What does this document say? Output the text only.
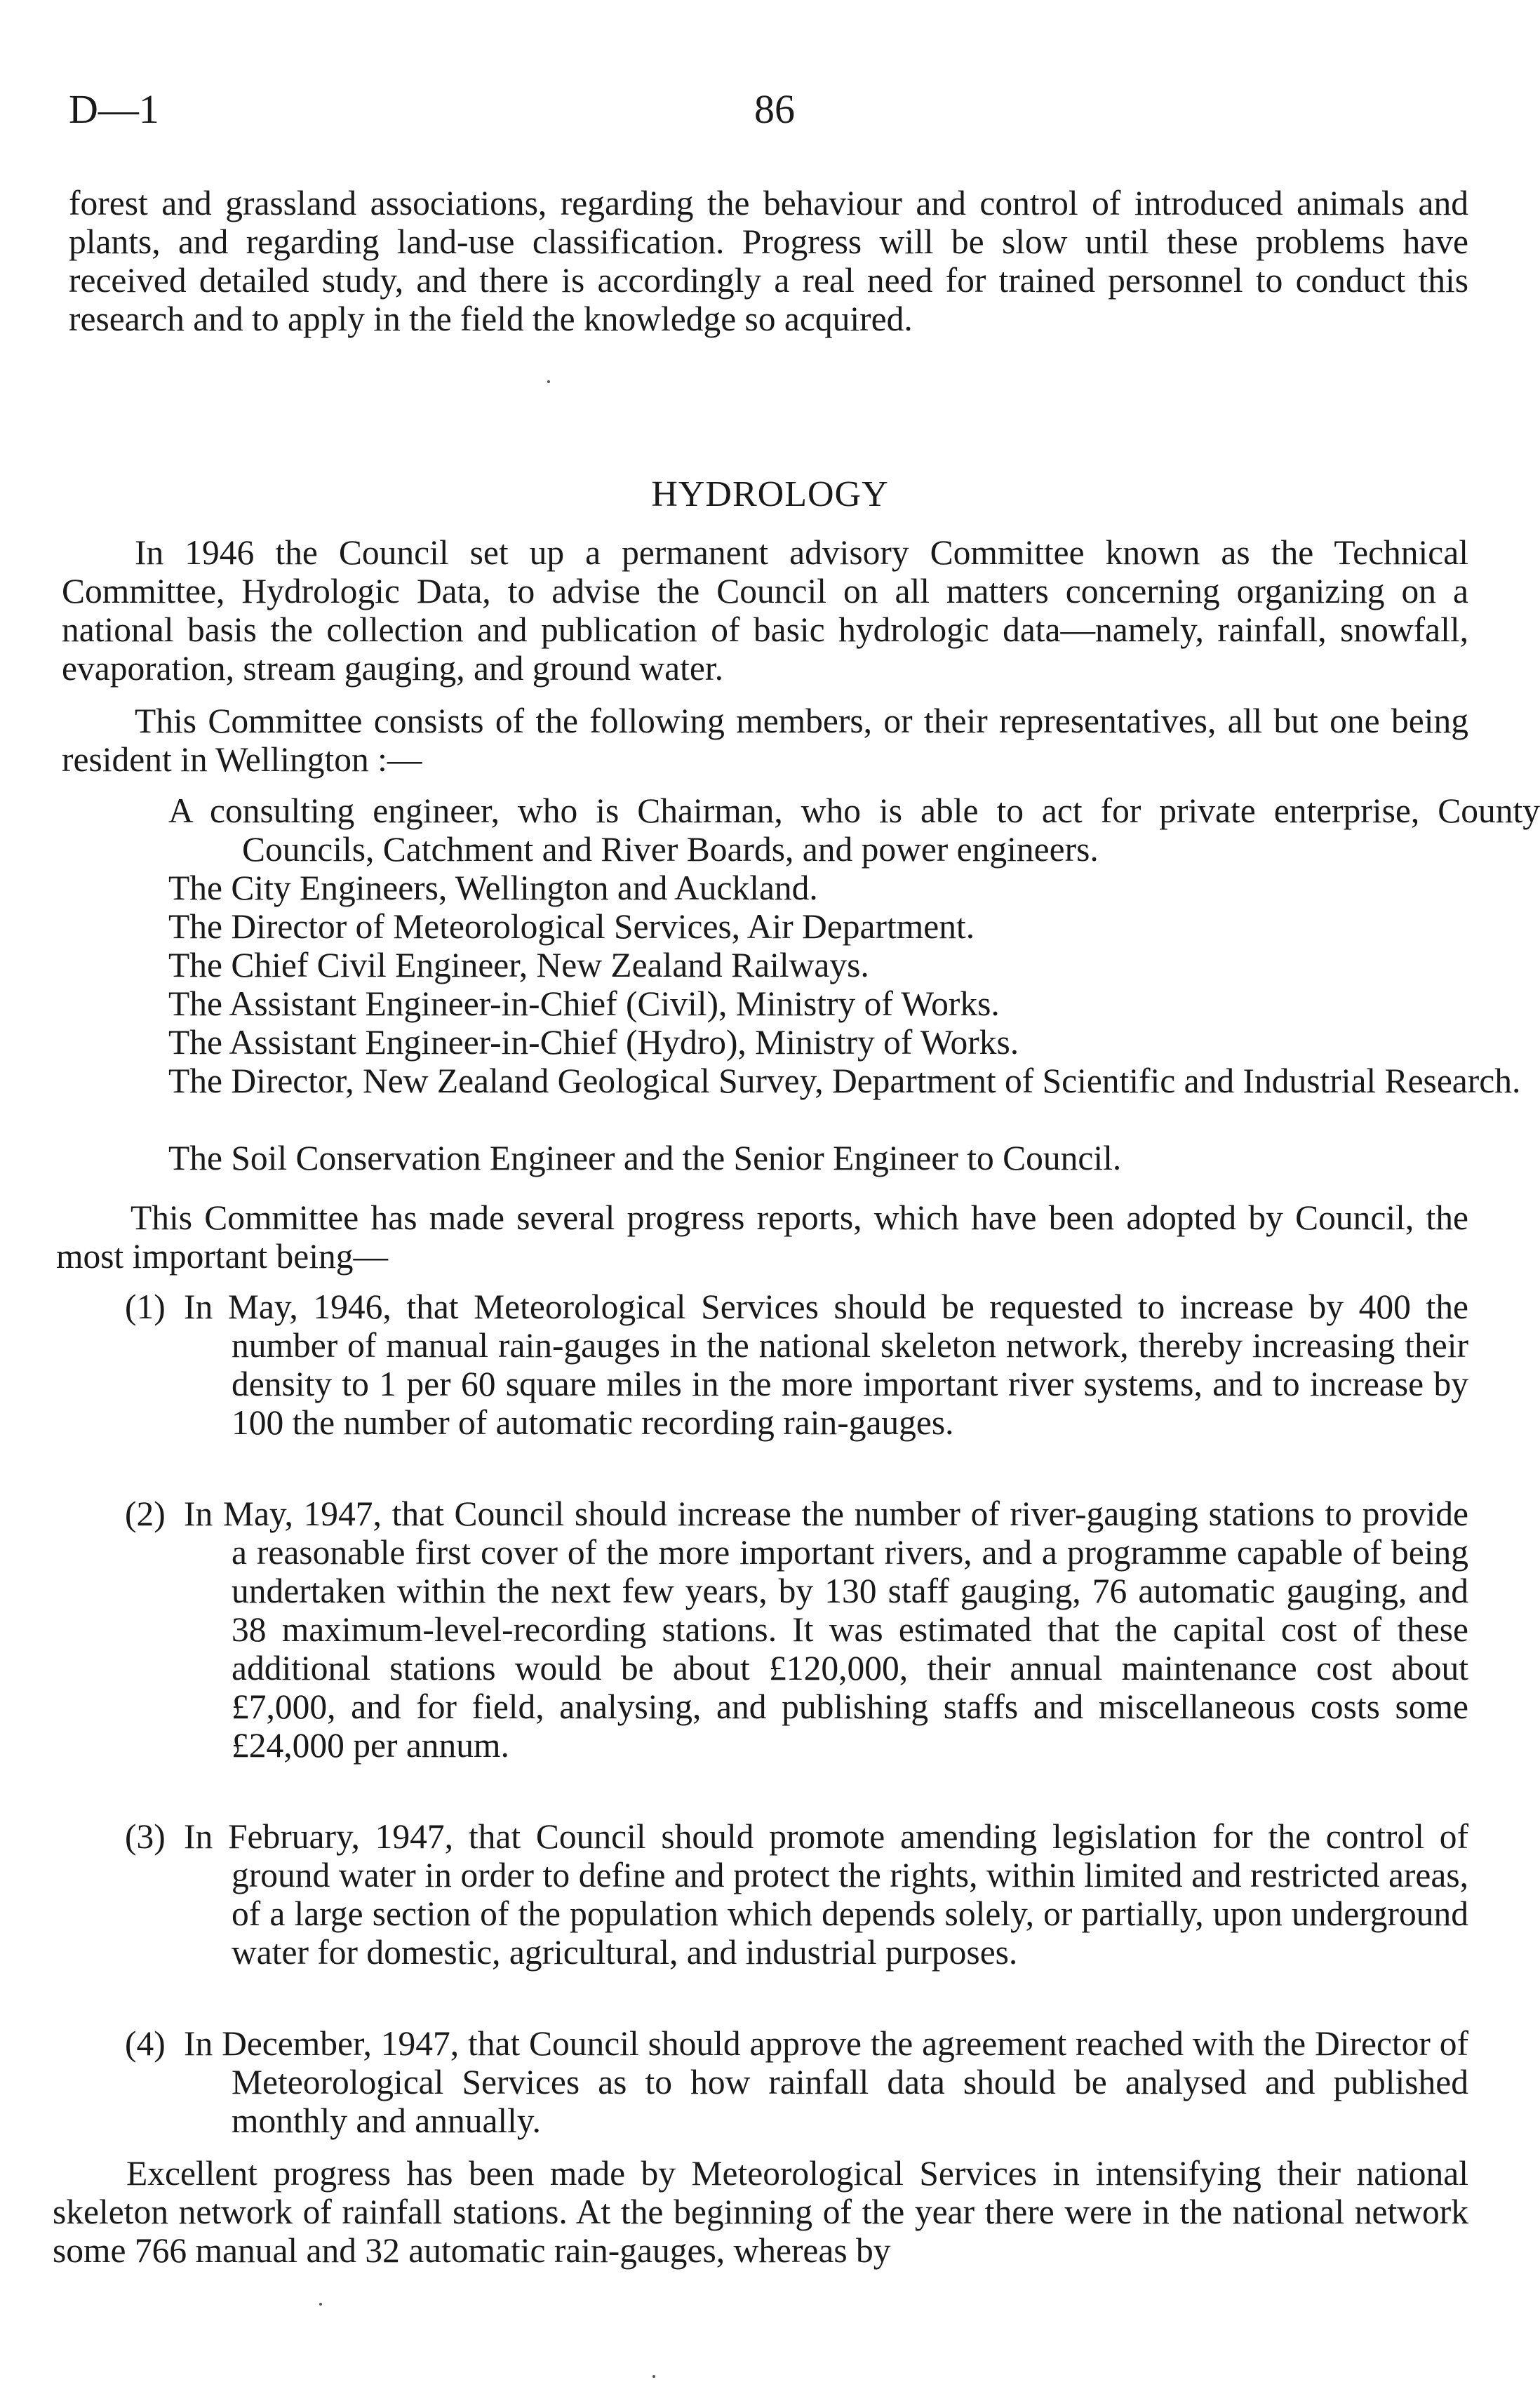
D—1	86

forest and grassland associations, regarding the behaviour and control of introduced animals and plants, and regarding land-use classification. Progress will be slow until these problems have received detailed study, and there is accordingly a real need for trained personnel to conduct this research and to apply in the field the knowledge so acquired.

HYDROLOGY

In 1946 the Council set up a permanent advisory Committee known as the Technical Committee, Hydrologic Data, to advise the Council on all matters concerning organizing on a national basis the collection and publication of basic hydrologic data—namely, rainfall, snowfall, evaporation, stream gauging, and ground water.

This Committee consists of the following members, or their representatives, all but one being resident in Wellington :—

A consulting engineer, who is Chairman, who is able to act for private enterprise, County Councils, Catchment and River Boards, and power engineers.

The City Engineers, Wellington and Auckland.

The Director of Meteorological Services, Air Department.

The Chief Civil Engineer, New Zealand Railways.

The Assistant Engineer-in-Chief (Civil), Ministry of Works.

The Assistant Engineer-in-Chief (Hydro), Ministry of Works.

The Director, New Zealand Geological Survey, Department of Scientific and Industrial Research.

The Soil Conservation Engineer and the Senior Engineer to Council.

This Committee has made several progress reports, which have been adopted by Council, the most important being—

(1) In May, 1946, that Meteorological Services should be requested to increase by 400 the number of manual rain-gauges in the national skeleton network, thereby increasing their density to 1 per 60 square miles in the more important river systems, and to increase by 100 the number of automatic recording rain-gauges.

(2) In May, 1947, that Council should increase the number of river-gauging stations to provide a reasonable first cover of the more important rivers, and a programme capable of being undertaken within the next few years, by 130 staff gauging, 76 automatic gauging, and 38 maximum-level-recording stations. It was estimated that the capital cost of these additional stations would be about £120,000, their annual maintenance cost about £7,000, and for field, analysing, and publishing staffs and miscellaneous costs some £24,000 per annum.

(3) In February, 1947, that Council should promote amending legislation for the control of ground water in order to define and protect the rights, within limited and restricted areas, of a large section of the population which depends solely, or partially, upon underground water for domestic, agricultural, and industrial purposes.

(4) In December, 1947, that Council should approve the agreement reached with the Director of Meteorological Services as to how rainfall data should be analysed and published monthly and annually.

Excellent progress has been made by Meteorological Services in intensifying their national skeleton network of rainfall stations. At the beginning of the year there were in the national network some 766 manual and 32 automatic rain-gauges, whereas by
